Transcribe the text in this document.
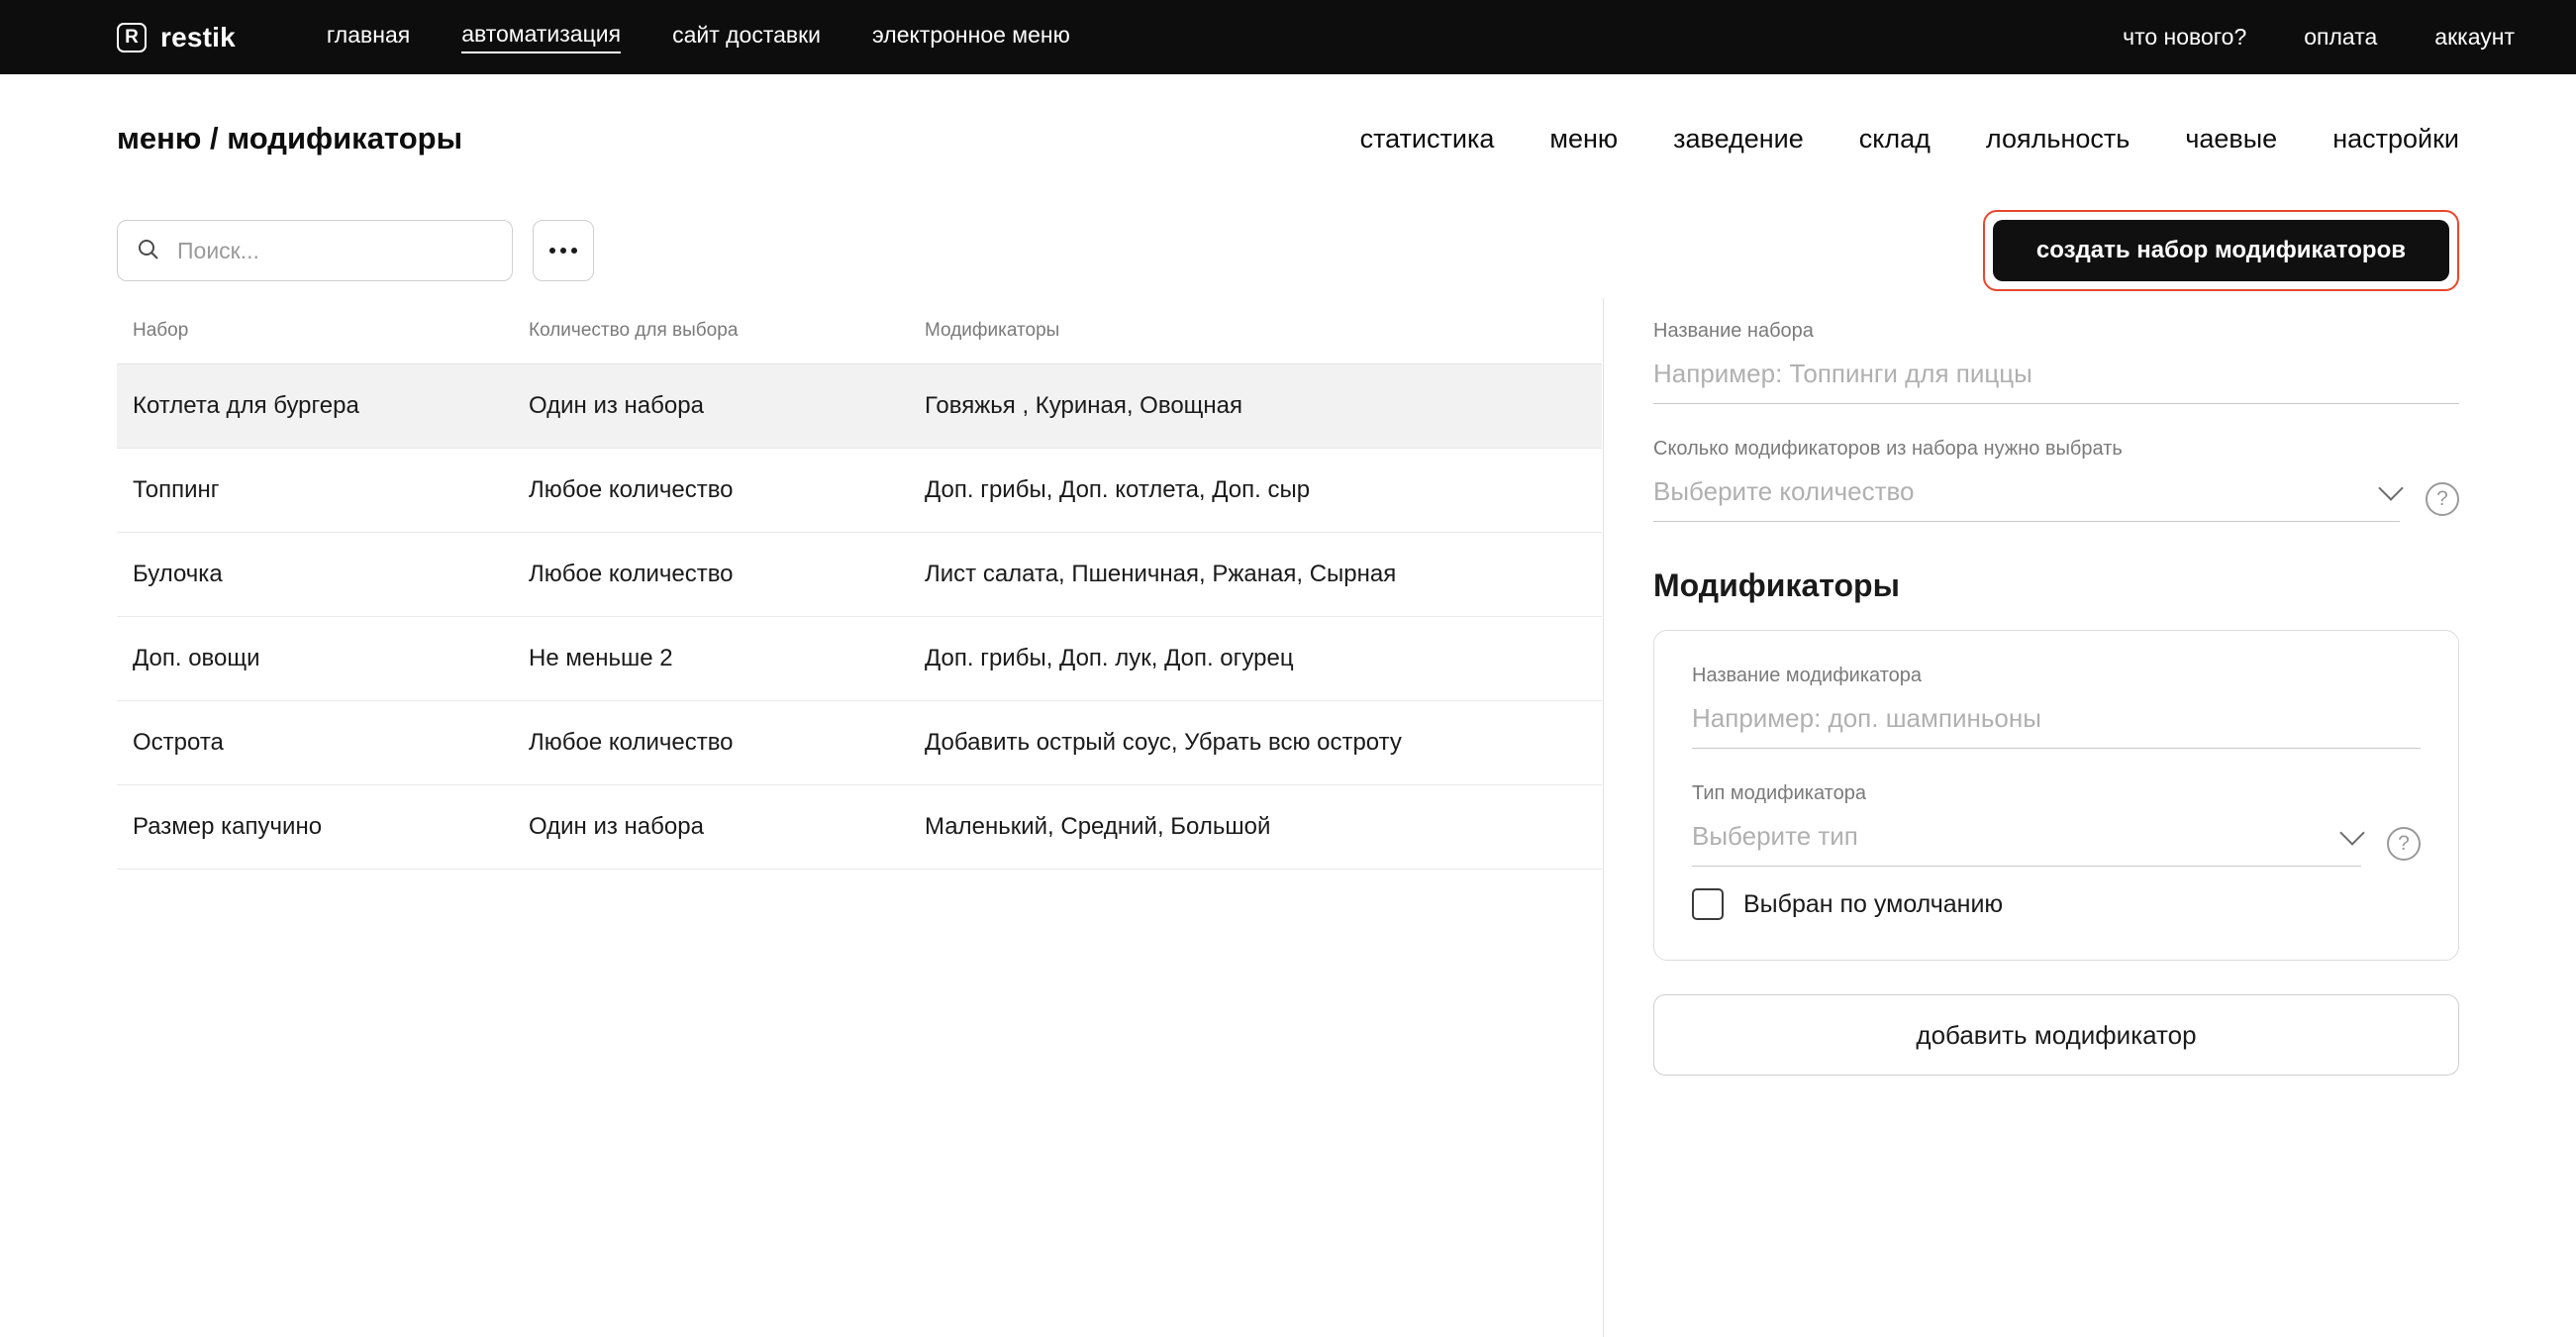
R restik	главная автоматизация сайт доставки электронное меню	что нового?	оплата	аккаунт
меню / модификаторы	статистика меню заведение склад лояльность чаевые настройки
Поиск...
создать набор модификаторов
Набор	Количество для выбора	Модификаторы
Котлета для бургера	Один из набора	Говяжья , Куриная, Овощная
Топпинг	Любое количество	Доп. грибы, Доп. котлета, Доп. сыр
Булочка	Любое количество	Лист салата, Пшеничная, Ржаная, Сырная
Доп. овощи	Не меньше 2	Доп. грибы, Доп. лук, Доп. огурец
Острота	Любое количество	Добавить острый соус, Убрать всю остроту
Размер капучино	Один из набора	Маленький, Средний, Большой
Название набора
Например: Топпинги для пиццы
Сколько модификаторов из набора нужно выбрать
Выберите количество	?
Модификаторы
Название модификатора
Например: доп. шампиньоны
Тип модификатора
Выберите тип	?
Выбран по умолчанию
добавить модификатор
